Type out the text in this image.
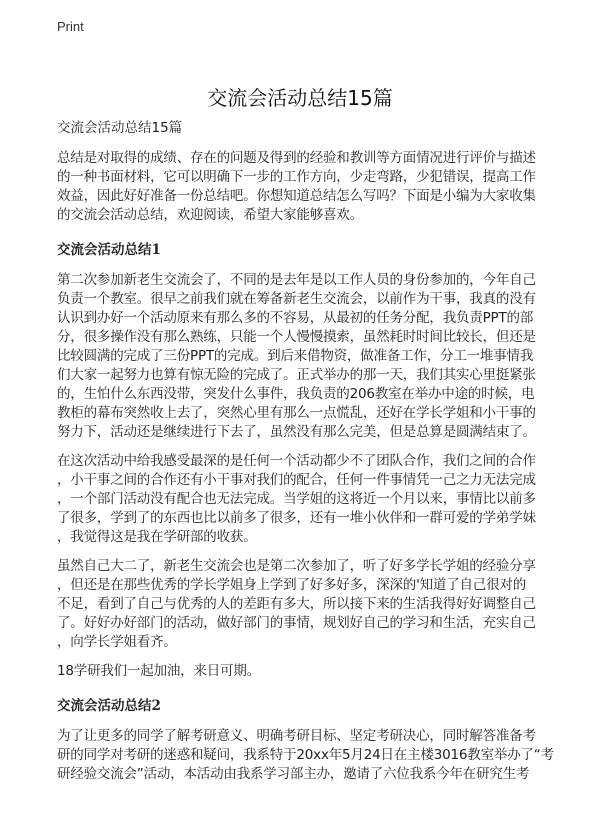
Print
交流会活动总结15篇
交流会活动总结15篇
总结是对取得的成绩、存在的问题及得到的经验和教训等方面情况进行评价与描述
的一种书面材料，它可以明确下一步的工作方向，少走弯路，少犯错误，提高工作
效益，因此好好准备一份总结吧。你想知道总结怎么写吗？下面是小编为大家收集
的交流会活动总结，欢迎阅读，希望大家能够喜欢。
交流会活动总结1
第二次参加新老生交流会了，不同的是去年是以工作人员的身份参加的，今年自己
负责一个教室。很早之前我们就在筹备新老生交流会，以前作为干事，我真的没有
认识到办好一个活动原来有那么多的不容易，从最初的任务分配，我负责PPT的部
分，很多操作没有那么熟练，只能一个人慢慢摸索，虽然耗时时间比较长，但还是
比较圆满的完成了三份PPT的完成。到后来借物资，做准备工作，分工一堆事情我
们大家一起努力也算有惊无险的完成了。正式举办的那一天，我们其实心里挺紧张
的，生怕什么东西没带，突发什么事件，我负责的206教室在举办中途的时候，电
教柜的幕布突然收上去了，突然心里有那么一点慌乱，还好在学长学姐和小干事的
努力下，活动还是继续进行下去了，虽然没有那么完美，但是总算是圆满结束了。
在这次活动中给我感受最深的是任何一个活动都少不了团队合作，我们之间的合作
，小干事之间的合作还有小干事对我们的配合，任何一件事情凭一己之力无法完成
，一个部门活动没有配合也无法完成。当学姐的这将近一个月以来，事情比以前多
了很多，学到了的东西也比以前多了很多，还有一堆小伙伴和一群可爱的学弟学妹
，我觉得这是我在学研部的收获。
虽然自己大二了，新老生交流会也是第二次参加了，听了好多学长学姐的经验分享
，但还是在那些优秀的学长学姐身上学到了好多好多，深深的'知道了自己很对的
不足，看到了自己与优秀的人的差距有多大，所以接下来的生活我得好好调整自己
了。好好办好部门的活动，做好部门的事情，规划好自己的学习和生活，充实自己
，向学长学姐看齐。
18学研我们一起加油，来日可期。
交流会活动总结2
为了让更多的同学了解考研意义、明确考研目标、坚定考研决心，同时解答准备考
研的同学对考研的迷惑和疑问，我系特于20xx年5月24日在主楼3016教室举办了“考
研经验交流会”活动，本活动由我系学习部主办，邀请了六位我系今年在研究生考
